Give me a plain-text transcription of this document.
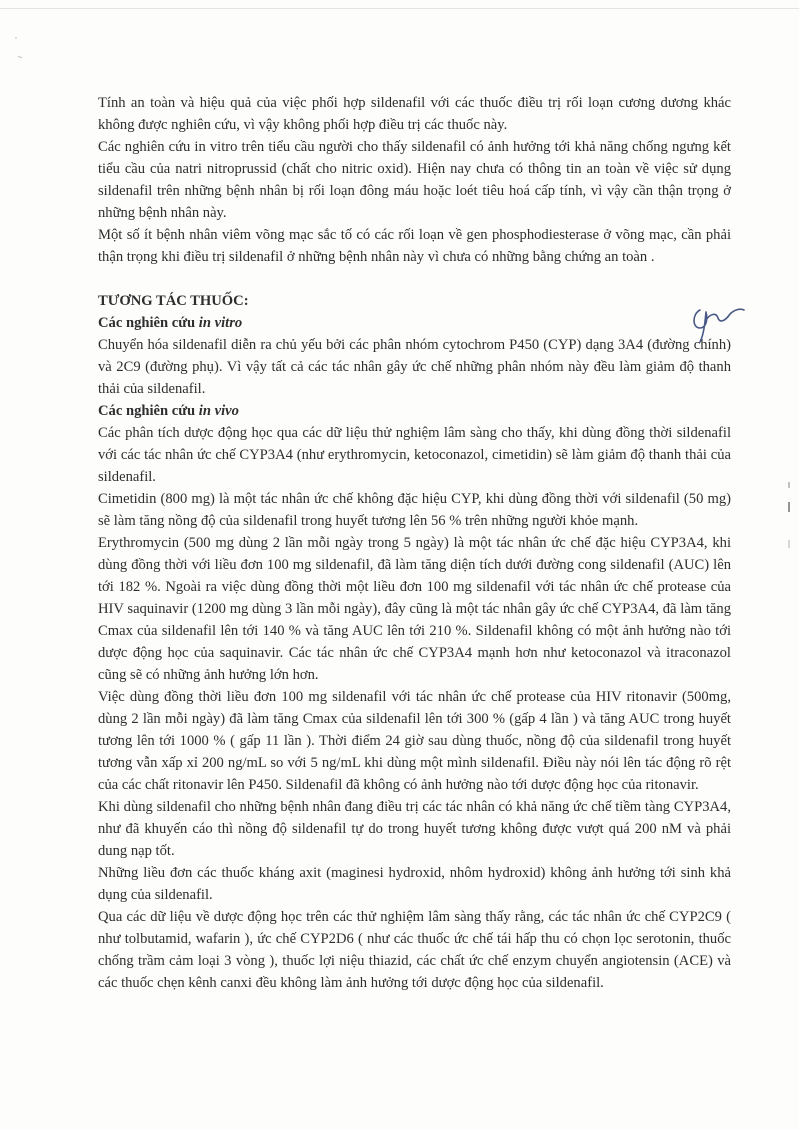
Tính an toàn và hiệu quả của việc phối hợp sildenafil với các thuốc điều trị rối loạn cương dương khác không được nghiên cứu, vì vậy không phối hợp điều trị các thuốc này.

Các nghiên cứu in vitro trên tiểu cầu người cho thấy sildenafil có ảnh hưởng tới khả năng chống ngưng kết tiểu cầu của natri nitroprussid (chất cho nitric oxid). Hiện nay chưa có thông tin an toàn về việc sử dụng sildenafil trên những bệnh nhân bị rối loạn đông máu hoặc loét tiêu hoá cấp tính, vì vậy cần thận trọng ở những bệnh nhân này.

Một số ít bệnh nhân viêm võng mạc sắc tố có các rối loạn về gen phosphodiesterase ở võng mạc, cần phải thận trọng khi điều trị sildenafil ở những bệnh nhân này vì chưa có những bằng chứng an toàn .

TƯƠNG TÁC THUỐC:

Các nghiên cứu in vitro

Chuyển hóa sildenafil diễn ra chủ yếu bởi các phân nhóm cytochrom P450 (CYP) dạng 3A4 (đường chính) và 2C9 (đường phụ). Vì vậy tất cả các tác nhân gây ức chế những phân nhóm này đều làm giảm độ thanh thải của sildenafil.

Các nghiên cứu in vivo

Các phân tích dược động học qua các dữ liệu thử nghiệm lâm sàng cho thấy, khi dùng đồng thời sildenafil với các tác nhân ức chế CYP3A4 (như erythromycin, ketoconazol, cimetidin) sẽ làm giảm độ thanh thải của sildenafil.

Cimetidin (800 mg) là một tác nhân ức chế không đặc hiệu CYP, khi dùng đồng thời với sildenafil (50 mg) sẽ làm tăng nồng độ của sildenafil trong huyết tương lên 56 % trên những người khỏe mạnh.

Erythromycin (500 mg dùng 2 lần mỗi ngày trong 5 ngày) là một tác nhân ức chế đặc hiệu CYP3A4, khi dùng đồng thời với liều đơn 100 mg sildenafil, đã làm tăng diện tích dưới đường cong sildenafil (AUC) lên tới 182 %. Ngoài ra việc dùng đồng thời một liều đơn 100 mg sildenafil với tác nhân ức chế protease của HIV saquinavir (1200 mg dùng 3 lần mỗi ngày), đây cũng là một tác nhân gây ức chế CYP3A4, đã làm tăng Cmax của sildenafil lên tới 140 % và tăng AUC lên tới 210 %. Sildenafil không có một ảnh hưởng nào tới dược động học của saquinavir. Các tác nhân ức chế CYP3A4 mạnh hơn như ketoconazol và itraconazol cũng sẽ có những ảnh hưởng lớn hơn.

Việc dùng đồng thời liều đơn 100 mg sildenafil với tác nhân ức chế protease của HIV ritonavir (500mg, dùng 2 lần mỗi ngày) đã làm tăng Cmax của sildenafil lên tới 300 % (gấp 4 lần ) và tăng AUC trong huyết tương lên tới 1000 % ( gấp 11 lần ). Thời điểm 24 giờ sau dùng thuốc, nồng độ của sildenafil trong huyết tương vẫn xấp xỉ 200 ng/mL so với 5 ng/mL khi dùng một mình sildenafil. Điều này nói lên tác động rõ rệt của các chất ritonavir lên P450. Sildenafil đã không có ảnh hưởng nào tới dược động học của ritonavir.

Khi dùng sildenafil cho những bệnh nhân đang điều trị các tác nhân có khả năng ức chế tiềm tàng CYP3A4, như đã khuyến cáo thì nồng độ sildenafil tự do trong huyết tương không được vượt quá 200 nM và phải dung nạp tốt.

Những liều đơn các thuốc kháng axit (maginesi hydroxid, nhôm hydroxid) không ảnh hưởng tới sinh khả dụng của sildenafil.

Qua các dữ liệu về dược động học trên các thử nghiệm lâm sàng thấy rằng, các tác nhân ức chế CYP2C9 ( như tolbutamid, wafarin ), ức chế CYP2D6 ( như các thuốc ức chế tái hấp thu có chọn lọc serotonin, thuốc chống trầm cảm loại 3 vòng ), thuốc lợi niệu thiazid, các chất ức chế enzym chuyển angiotensin (ACE) và các thuốc chẹn kênh canxi đều không làm ảnh hưởng tới dược động học của sildenafil.
